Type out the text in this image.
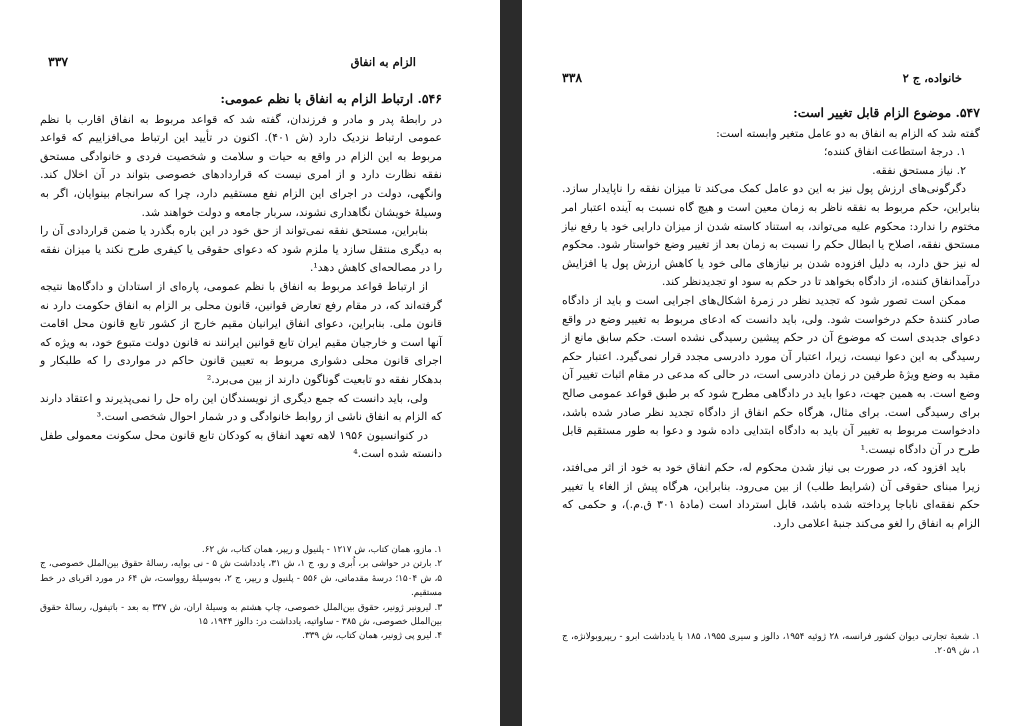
الزام به انفاق
۳۳۷
۵۴۶. ارتباط الزام به انفاق با نظم عمومی:

در رابطهٔ پدر و مادر و فرزندان، گفته شد که قواعد مربوط به انفاق اقارب با نظم عمومی ارتباط نزدیک دارد (ش ۴۰۱). اکنون در تأیید این ارتباط می‌افزاییم که قواعد مربوط به این الزام در واقع به حیات و سلامت و شخصیت فردی و خانوادگی مستحق نفقه نظارت دارد و از امری نیست که قراردادهای خصوصی بتواند در آن اخلال کند. وانگهی، دولت در اجرای این الزام نفع مستقیم دارد، چرا که سرانجام بینوایان، اگر به وسیلهٔ خویشان نگاهداری نشوند، سربار جامعه و دولت خواهند شد.

بنابراین، مستحق نفقه نمی‌تواند از حق خود در این باره بگذرد یا ضمن قراردادی آن را به دیگری منتقل سازد یا ملزم شود که دعوای حقوقی یا کیفری طرح نکند یا میزان نفقه را در مصالحه‌ای کاهش دهد¹.

از ارتباط قواعد مربوط به انفاق با نظم عمومی، پاره‌ای از استادان و دادگاه‌ها نتیجه گرفته‌اند که، در مقام رفع تعارض قوانین، قانون محلی بر الزام به انفاق حکومت دارد نه قانون ملی. بنابراین، دعوای انفاق ایرانیان مقیم خارج از کشور تابع قانون محل اقامت آنها است و خارجیان مقیم ایران تابع قوانین ایرانند نه قانون دولت متبوع خود، به ویژه که اجرای قانون محلی دشواری مربوط به تعیین قانون حاکم در مواردی را که طلبکار و بدهکار نفقه دو تابعیت گوناگون دارند از بین می‌برد.²

ولی، باید دانست که جمع دیگری از نویسندگان این راه حل را نمی‌پذیرند و اعتقاد دارند که الزام به انفاق ناشی از روابط خانوادگی و در شمار احوال شخصی است.³

در کنوانسیون ۱۹۵۶ لاهه تعهد انفاق به کودکان تابع قانون محل سکونت معمولی طفل دانسته شده است.⁴

۱. مازو، همان کتاب، ش ۱۲۱۷ - پلنیول و ریپر، همان کتاب، ش ۶۲.

۲. بارتن در حواشی بر، اُبری و رو، ج ۱، ش ۳۱، یادداشت ش ۵ - نی بوایه، رسالهٔ حقوق بین‌الملل خصوصی، ج ۵، ش ۱۵۰۴؛ درسهٔ مقدماتی، ش ۵۵۶ - پلنیول و ریپر، ج ۲، به‌وسیلهٔ روواست، ش ۶۴ در مورد اقربای در خط مستقیم.

۳. لیرونیر ژونیر، حقوق بین‌الملل خصوصی، چاپ هشتم به وسیلهٔ اران، ش ۳۳۷ به بعد - باتیفول، رسالهٔ حقوق بین‌الملل خصوصی، ش ۳۸۵ - ساواتیه، یادداشت در: دالوز ۱۹۴۴، ۱۵

۴. لیرو پی ژونیر، همان کتاب، ش ۳۳۹.

خانواده، ج ۲
۳۳۸
۵۴۷. موضوع الزام قابل تغییر است:

گفته شد که الزام به انفاق به دو عامل متغیر وابسته است:

۱. درجهٔ استطاعت انفاق کننده؛

۲. نیاز مستحق نفقه.

دگرگونی‌های ارزش پول نیز به این دو عامل کمک می‌کند تا میزان نفقه را ناپایدار سازد. بنابراین، حکم مربوط به نفقه ناظر به زمان معین است و هیچ گاه نسبت به آینده اعتبار امر مختوم را ندارد: محکوم علیه می‌تواند، به استناد کاسته شدن از میزان دارایی خود یا رفع نیاز مستحق نفقه، اصلاح یا ابطال حکم را نسبت به زمان بعد از تغییر وضع خواستار شود. محکوم له نیز حق دارد، به دلیل افزوده شدن بر نیازهای مالی خود یا کاهش ارزش پول یا افزایش درآمدانفاق کننده، از دادگاه بخواهد تا در حکم به سود او تجدیدنظر کند.

ممکن است تصور شود که تجدید نظر در زمرهٔ اشکال‌های اجرایی است و باید از دادگاه صادر کنندهٔ حکم درخواست شود. ولی، باید دانست که ادعای مربوط به تغییر وضع در واقع دعوای جدیدی است که موضوع آن در حکم پیشین رسیدگی نشده است. حکم سابق مانع از رسیدگی به این دعوا نیست، زیرا، اعتبار آن مورد دادرسی مجدد قرار نمی‌گیرد. اعتبار حکم مقید به وضع ویژهٔ طرفین در زمان دادرسی است، در حالی که مدعی در مقام اثبات تغییر آن وضع است. به همین جهت، دعوا باید در دادگاهی مطرح شود که بر طبق قواعد عمومی صالح برای رسیدگی است. برای مثال، هرگاه حکم انفاق از دادگاه تجدید نظر صادر شده باشد، دادخواست مربوط به تغییر آن باید به دادگاه ابتدایی داده شود و دعوا به طور مستقیم قابل طرح در آن دادگاه نیست.¹

باید افزود که، در صورت بی نیاز شدن محکوم له، حکم انفاق خود به خود از اثر می‌افتد، زیرا مبنای حقوقی آن (شرایط طلب) از بین می‌رود. بنابراین، هرگاه پیش از الغاء یا تغییر حکم نفقه‌ای ناباجا پرداخته شده باشد، قابل استرداد است (مادهٔ ۳۰۱ ق.م.)، و حکمی که الزام به انفاق را لغو می‌کند جنبهٔ اعلامی دارد.

۱. شعبهٔ تجارتی دیوان کشور فرانسه، ۲۸ ژوئیه ۱۹۵۴، دالوز و سیری ۱۹۵۵، ۱۸۵ با یادداشت ابرو - ریپروبولانژه، ج ۱، ش ۲۰۵۹.
